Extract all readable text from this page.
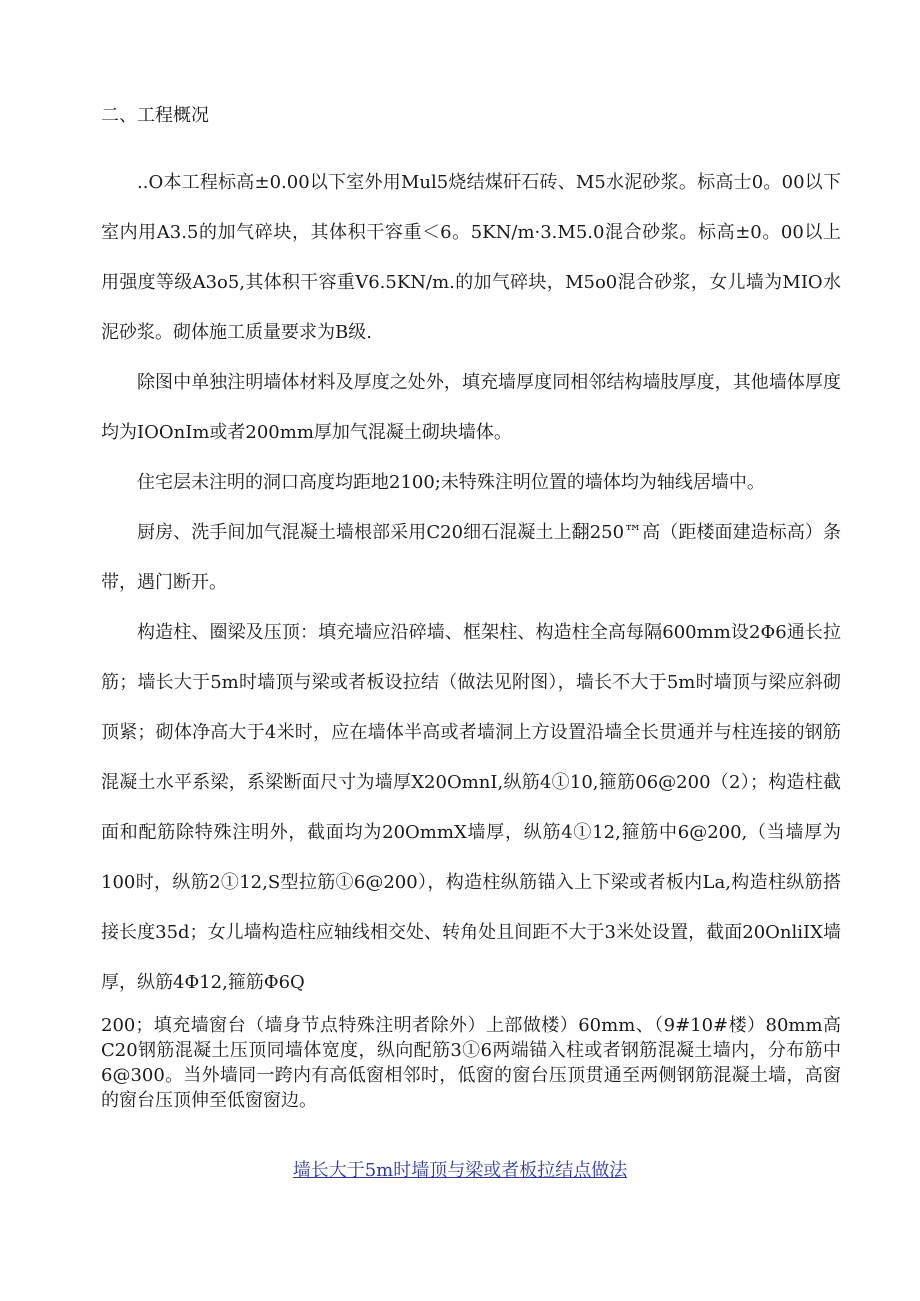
二、工程概况

..O本工程标高±0.00以下室外用Mul5烧结煤矸石砖、M5水泥砂浆。标高士0。00以下室内用A3.5的加气碎块，其体积干容重＜6。5KN∕m·3.M5.0混合砂浆。标高±0。00以上用强度等级A3o5,其体积干容重V6.5KN∕m.的加气碎块，M5o0混合砂浆，女儿墙为MIO水泥砂浆。砌体施工质量要求为B级.

除图中单独注明墙体材料及厚度之处外，填充墙厚度同相邻结构墙肢厚度，其他墙体厚度均为IOOnIm或者200mm厚加气混凝土砌块墙体。

住宅层未注明的洞口高度均距地2100;未特殊注明位置的墙体均为轴线居墙中。

厨房、洗手间加气混凝土墙根部采用C20细石混凝土上翻250™高（距楼面建造标高）条带，遇门断开。

构造柱、圈梁及压顶：填充墙应沿碎墙、框架柱、构造柱全高每隔600mm设2Φ6通长拉筋；墙长大于5m时墙顶与梁或者板设拉结（做法见附图），墙长不大于5m时墙顶与梁应斜砌顶紧；砌体净高大于4米时，应在墙体半高或者墙洞上方设置沿墙全长贯通并与柱连接的钢筋混凝土水平系梁，系梁断面尺寸为墙厚X20OmnI,纵筋4①10,箍筋06@200（2）；构造柱截面和配筋除特殊注明外，截面均为20OmmX墙厚，纵筋4①12,箍筋中6@200,（当墙厚为100时，纵筋2①12,S型拉筋①6@200），构造柱纵筋锚入上下梁或者板内La,构造柱纵筋搭接长度35d；女儿墙构造柱应轴线相交处、转角处且间距不大于3米处设置，截面20OnliIX墙厚，纵筋4Φ12,箍筋Φ6Q

200；填充墙窗台（墙身节点特殊注明者除外）上部做楼）60mm、（9#10#楼）80mm高C20钢筋混凝土压顶同墙体宽度，纵向配筋3①6两端锚入柱或者钢筋混凝土墙内，分布筋中6@300。当外墙同一跨内有高低窗相邻时，低窗的窗台压顶贯通至两侧钢筋混凝土墙，高窗的窗台压顶伸至低窗窗边。

墙长大于5m时墙顶与梁或者板拉结点做法
